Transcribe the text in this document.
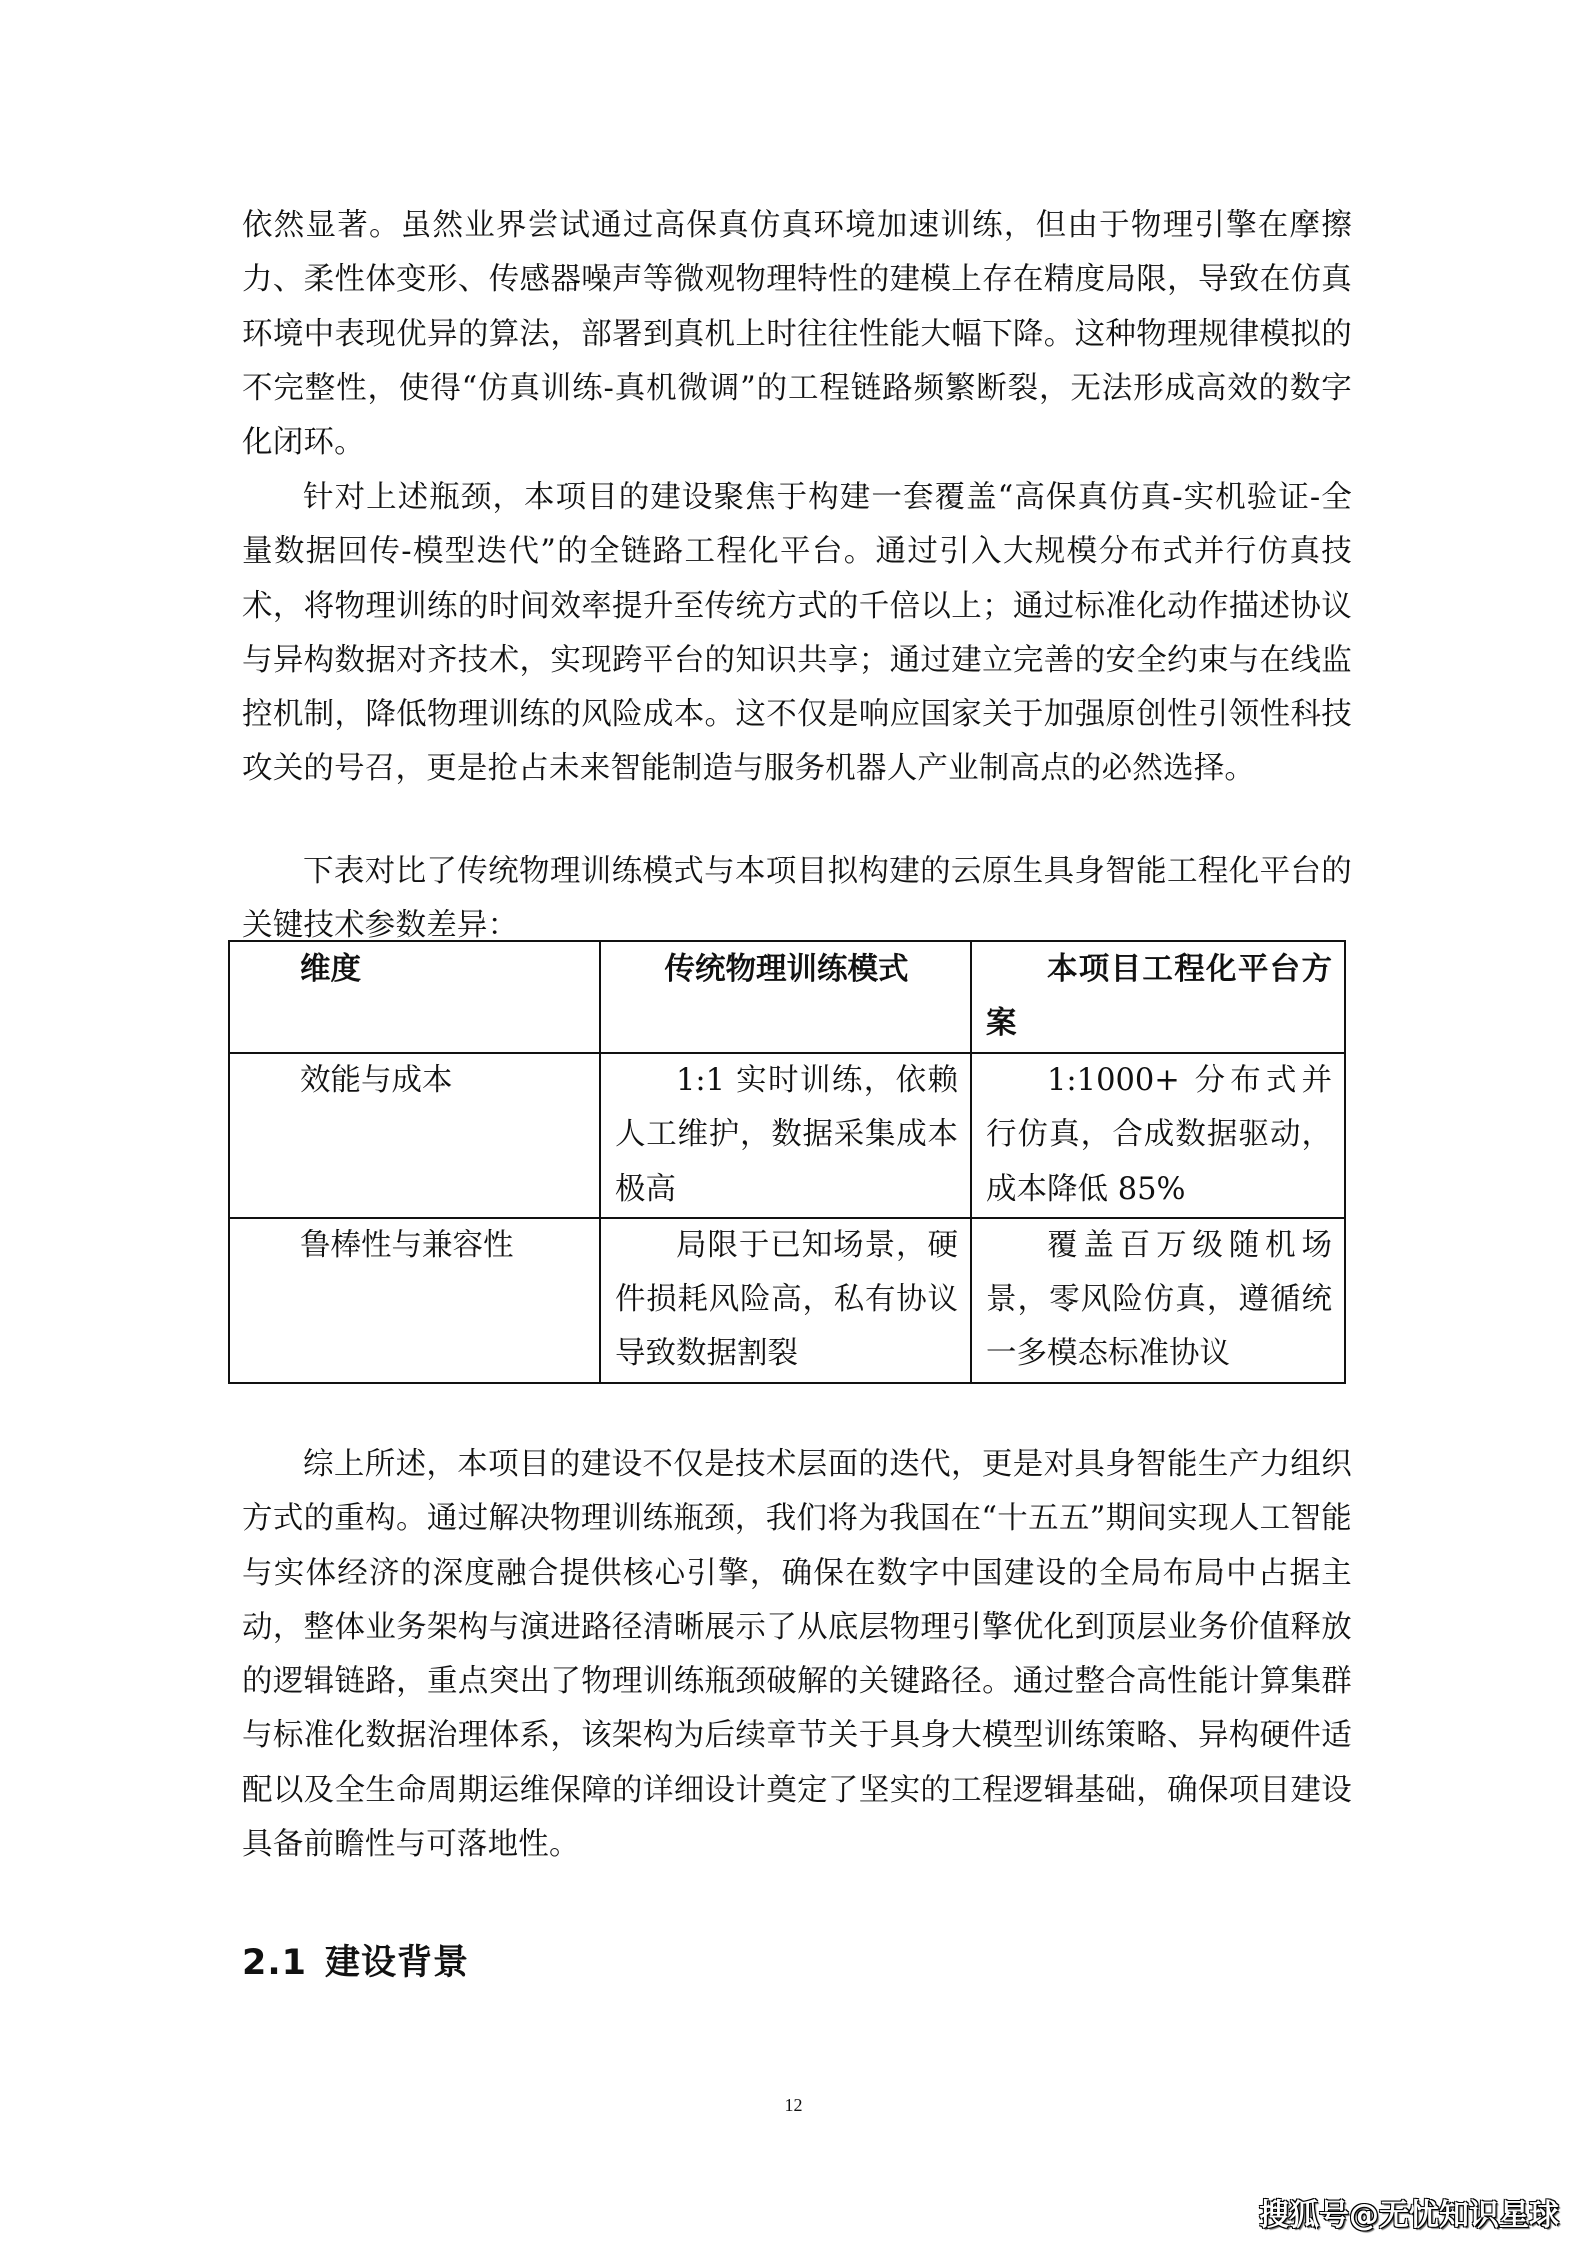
依然显著。虽然业界尝试通过高保真仿真环境加速训练，但由于物理引擎在摩擦力、柔性体变形、传感器噪声等微观物理特性的建模上存在精度局限，导致在仿真环境中表现优异的算法，部署到真机上时往往性能大幅下降。这种物理规律模拟的不完整性，使得“仿真训练-真机微调”的工程链路频繁断裂，无法形成高效的数字化闭环。

针对上述瓶颈，本项目的建设聚焦于构建一套覆盖“高保真仿真-实机验证-全量数据回传-模型迭代”的全链路工程化平台。通过引入大规模分布式并行仿真技术，将物理训练的时间效率提升至传统方式的千倍以上；通过标准化动作描述协议与异构数据对齐技术，实现跨平台的知识共享；通过建立完善的安全约束与在线监控机制，降低物理训练的风险成本。这不仅是响应国家关于加强原创性引领性科技攻关的号召，更是抢占未来智能制造与服务机器人产业制高点的必然选择。

下表对比了传统物理训练模式与本项目拟构建的云原生具身智能工程化平台的关键技术参数差异：

维度	传统物理训练模式	本项目工程化平台方案
效能与成本	1:1 实时训练，依赖人工维护，数据采集成本极高	1:1000+ 分布式并行仿真，合成数据驱动，成本降低 85%
鲁棒性与兼容性	局限于已知场景，硬件损耗风险高，私有协议导致数据割裂	覆盖百万级随机场景，零风险仿真，遵循统一多模态标准协议

综上所述，本项目的建设不仅是技术层面的迭代，更是对具身智能生产力组织方式的重构。通过解决物理训练瓶颈，我们将为我国在“十五五”期间实现人工智能与实体经济的深度融合提供核心引擎，确保在数字中国建设的全局布局中占据主动，整体业务架构与演进路径清晰展示了从底层物理引擎优化到顶层业务价值释放的逻辑链路，重点突出了物理训练瓶颈破解的关键路径。通过整合高性能计算集群与标准化数据治理体系，该架构为后续章节关于具身大模型训练策略、异构硬件适配以及全生命周期运维保障的详细设计奠定了坚实的工程逻辑基础，确保项目建设具备前瞻性与可落地性。

2.1 建设背景
12
搜狐号@无忧知识星球
